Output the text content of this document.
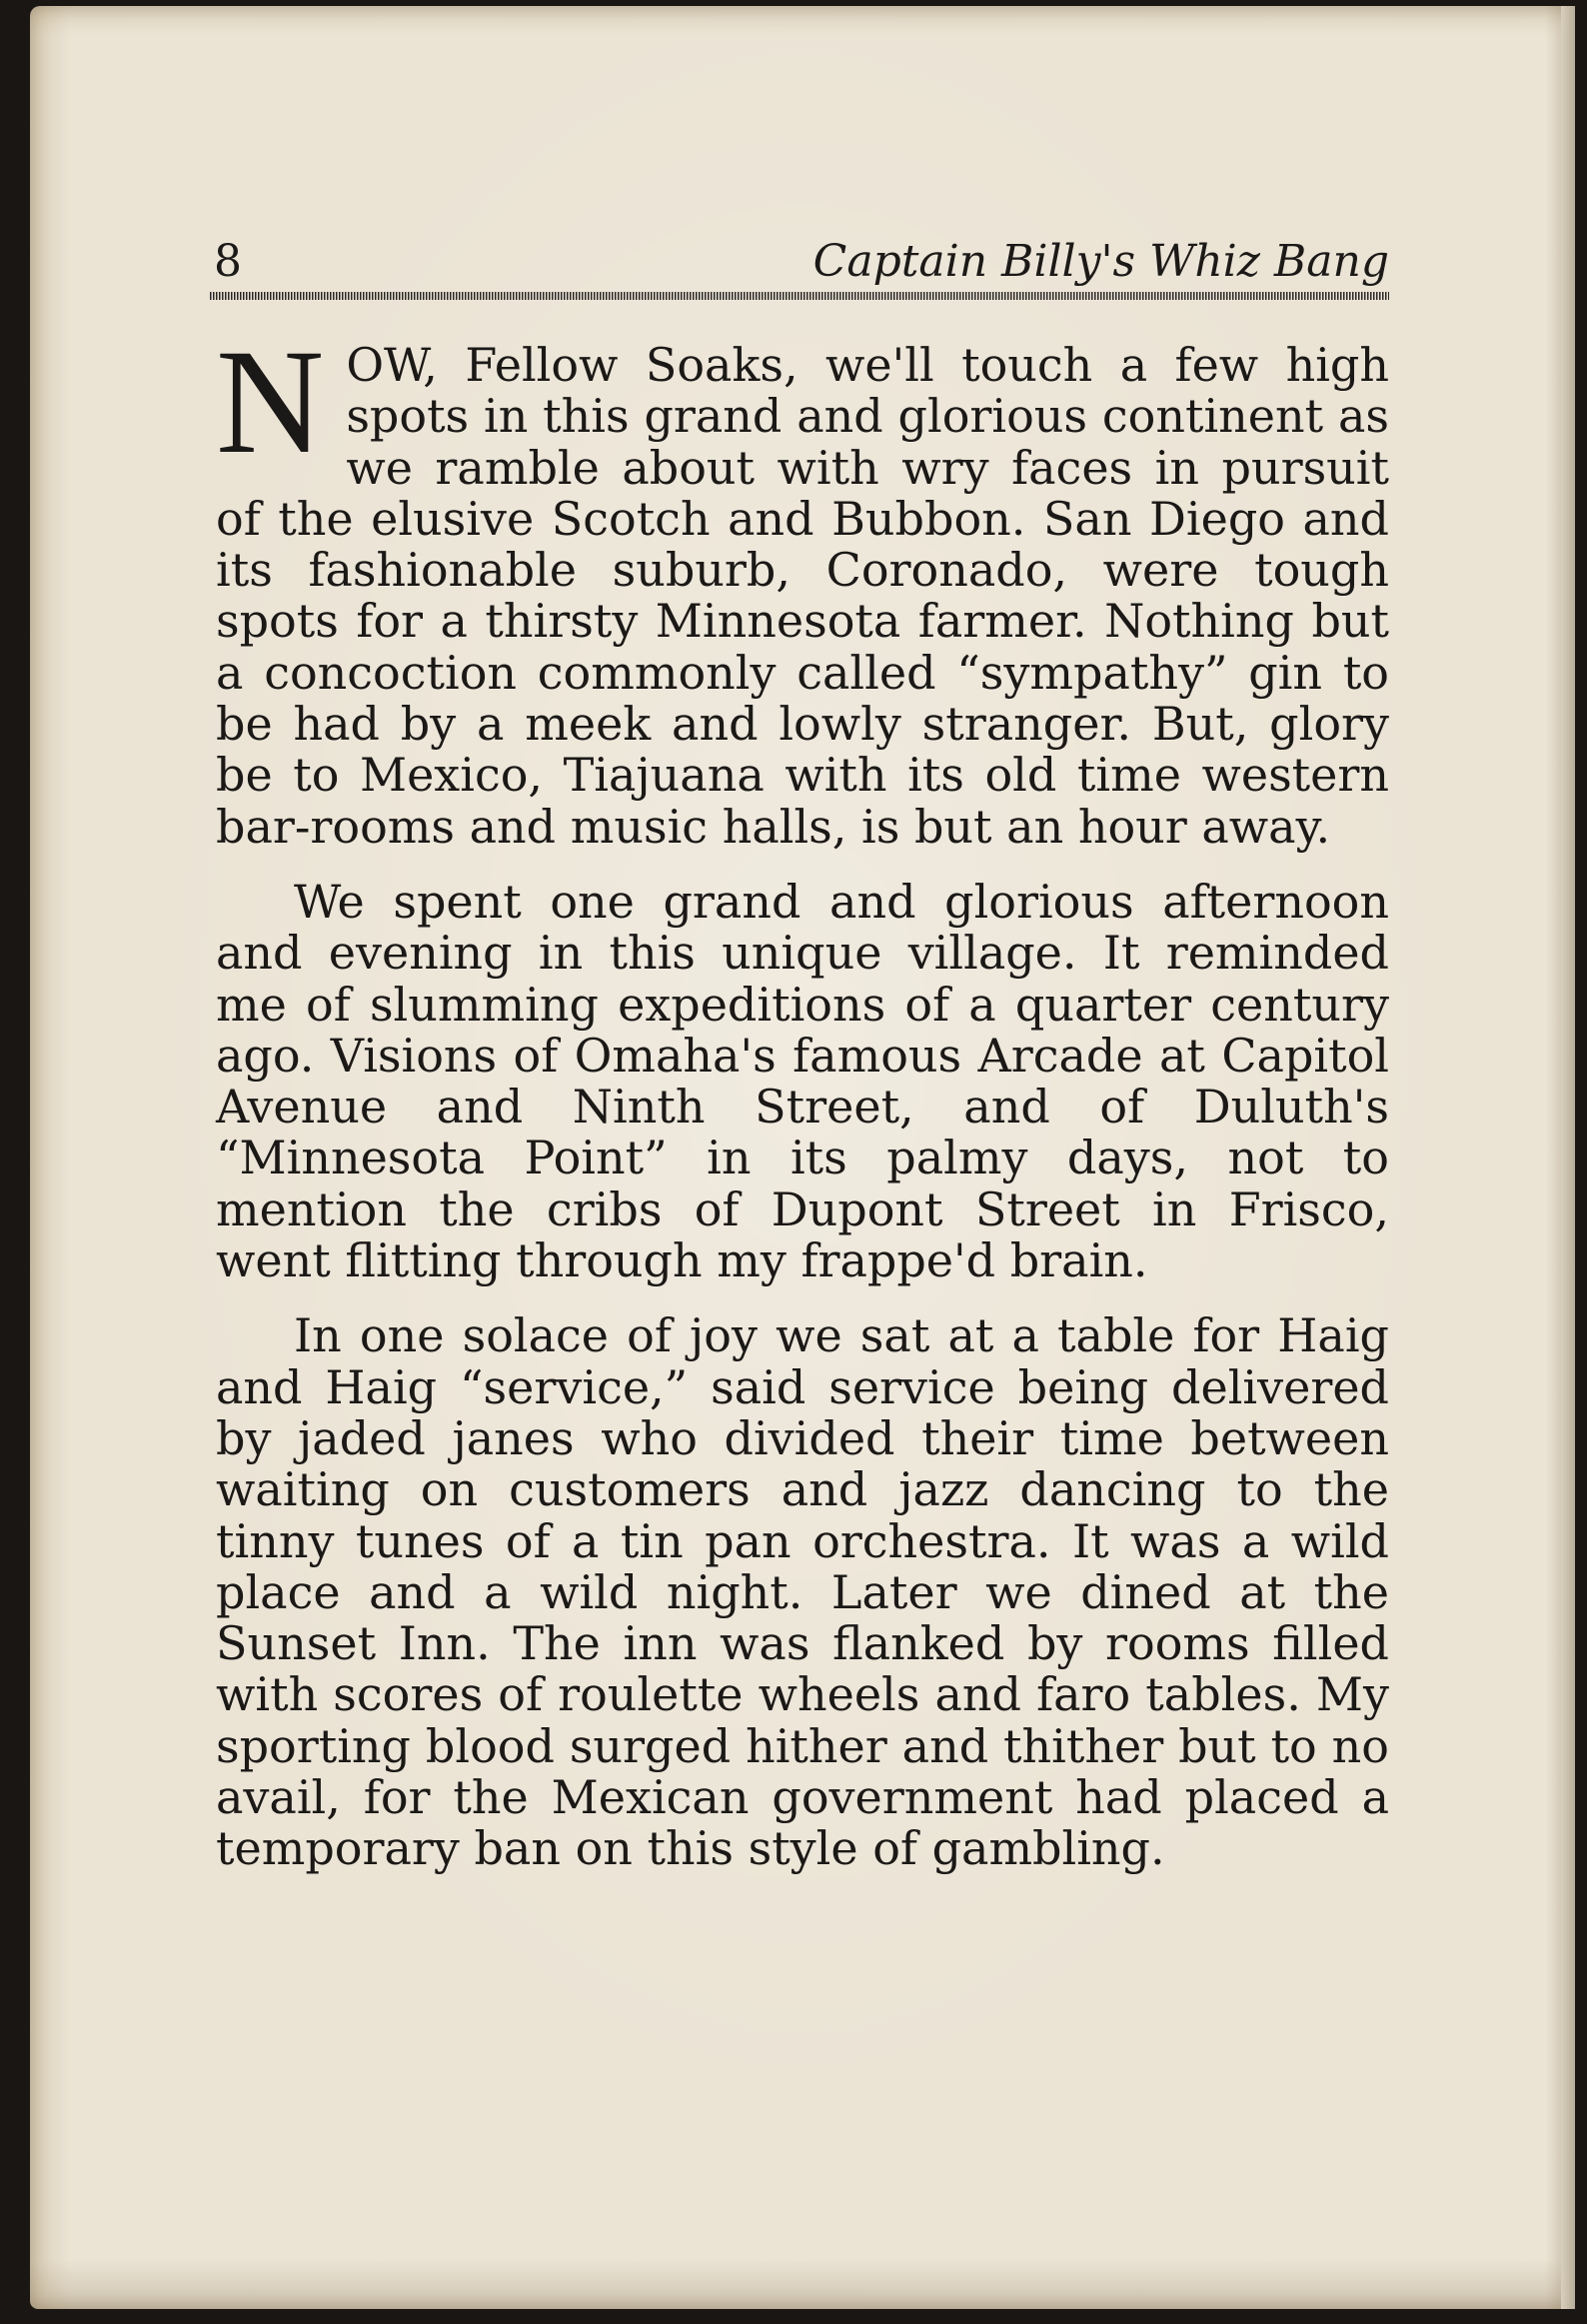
8	Captain Billy's Whiz Bang

NOW, Fellow Soaks, we'll touch a few high spots in this grand and glorious continent as we ramble about with wry faces in pursuit of the elusive Scotch and Bubbon. San Diego and its fashionable suburb, Coronado, were tough spots for a thirsty Minnesota farmer. Nothing but a concoction commonly called “sympathy” gin to be had by a meek and lowly stranger. But, glory be to Mexico, Tiajuana with its old time western bar-rooms and music halls, is but an hour away.

We spent one grand and glorious afternoon and evening in this unique village. It reminded me of slumming expeditions of a quarter century ago. Visions of Omaha's famous Arcade at Capitol Avenue and Ninth Street, and of Duluth's “Minnesota Point” in its palmy days, not to mention the cribs of Dupont Street in Frisco, went flitting through my frappe'd brain.

In one solace of joy we sat at a table for Haig and Haig “service,” said service being delivered by jaded janes who divided their time between waiting on customers and jazz dancing to the tinny tunes of a tin pan orchestra. It was a wild place and a wild night. Later we dined at the Sunset Inn. The inn was flanked by rooms filled with scores of roulette wheels and faro tables. My sporting blood surged hither and thither but to no avail, for the Mexican government had placed a temporary ban on this style of gambling.
